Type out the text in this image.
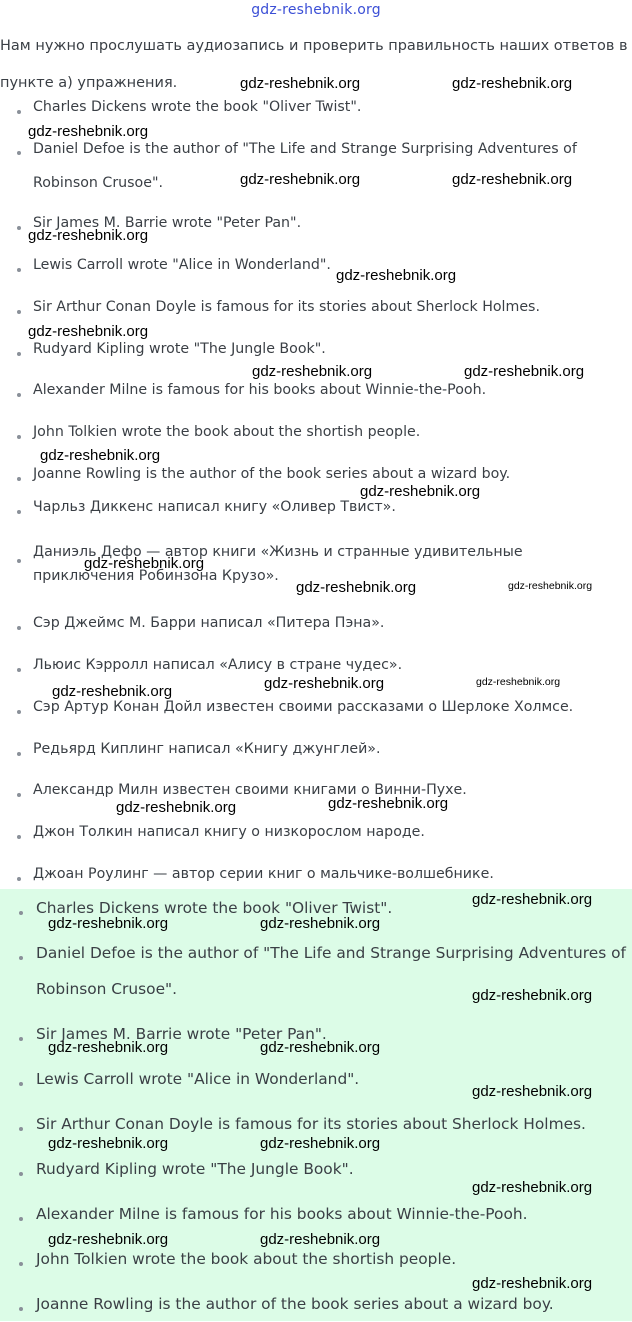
gdz-reshebnik.org

Нам нужно прослушать аудиозапись и проверить правильность наших ответов в пункте а) упражнения.

Charles Dickens wrote the book "Oliver Twist".
Daniel Defoe is the author of "The Life and Strange Surprising Adventures of Robinson Crusoe".
Sir James M. Barrie wrote "Peter Pan".
Lewis Carroll wrote "Alice in Wonderland".
Sir Arthur Conan Doyle is famous for its stories about Sherlock Holmes.
Rudyard Kipling wrote "The Jungle Book".
Alexander Milne is famous for his books about Winnie-the-Pooh.
John Tolkien wrote the book about the shortish people.
Joanne Rowling is the author of the book series about a wizard boy.
Чарльз Диккенс написал книгу «Оливер Твист».
Даниэль Дефо — автор книги «Жизнь и странные удивительные приключения Робинзона Крузо».
Сэр Джеймс М. Барри написал «Питера Пэна».
Льюис Кэрролл написал «Алису в стране чудес».
Сэр Артур Конан Дойл известен своими рассказами о Шерлоке Холмсе.
Редьярд Киплинг написал «Книгу джунглей».
Александр Милн известен своими книгами о Винни-Пухе.
Джон Толкин написал книгу о низкорослом народе.
Джоан Роулинг — автор серии книг о мальчике-волшебнике.
Charles Dickens wrote the book "Oliver Twist".
Daniel Defoe is the author of "The Life and Strange Surprising Adventures of Robinson Crusoe".
Sir James M. Barrie wrote "Peter Pan".
Lewis Carroll wrote "Alice in Wonderland".
Sir Arthur Conan Doyle is famous for its stories about Sherlock Holmes.
Rudyard Kipling wrote "The Jungle Book".
Alexander Milne is famous for his books about Winnie-the-Pooh.
John Tolkien wrote the book about the shortish people.
Joanne Rowling is the author of the book series about a wizard boy.
gdz-reshebnik.org	gdz-reshebnik.org
gdz-reshebnik.org
gdz-reshebnik.org	gdz-reshebnik.org
gdz-reshebnik.org
gdz-reshebnik.org
gdz-reshebnik.org
gdz-reshebnik.org	gdz-reshebnik.org
gdz-reshebnik.org
gdz-reshebnik.org
gdz-reshebnik.org
gdz-reshebnik.org	gdz-reshebnik.org
gdz-reshebnik.org	gdz-reshebnik.org
gdz-reshebnik.org
gdz-reshebnik.org
gdz-reshebnik.org
gdz-reshebnik.org
gdz-reshebnik.org	gdz-reshebnik.org
gdz-reshebnik.org
gdz-reshebnik.org	gdz-reshebnik.org
gdz-reshebnik.org
gdz-reshebnik.org	gdz-reshebnik.org
gdz-reshebnik.org
gdz-reshebnik.org	gdz-reshebnik.org
gdz-reshebnik.org
